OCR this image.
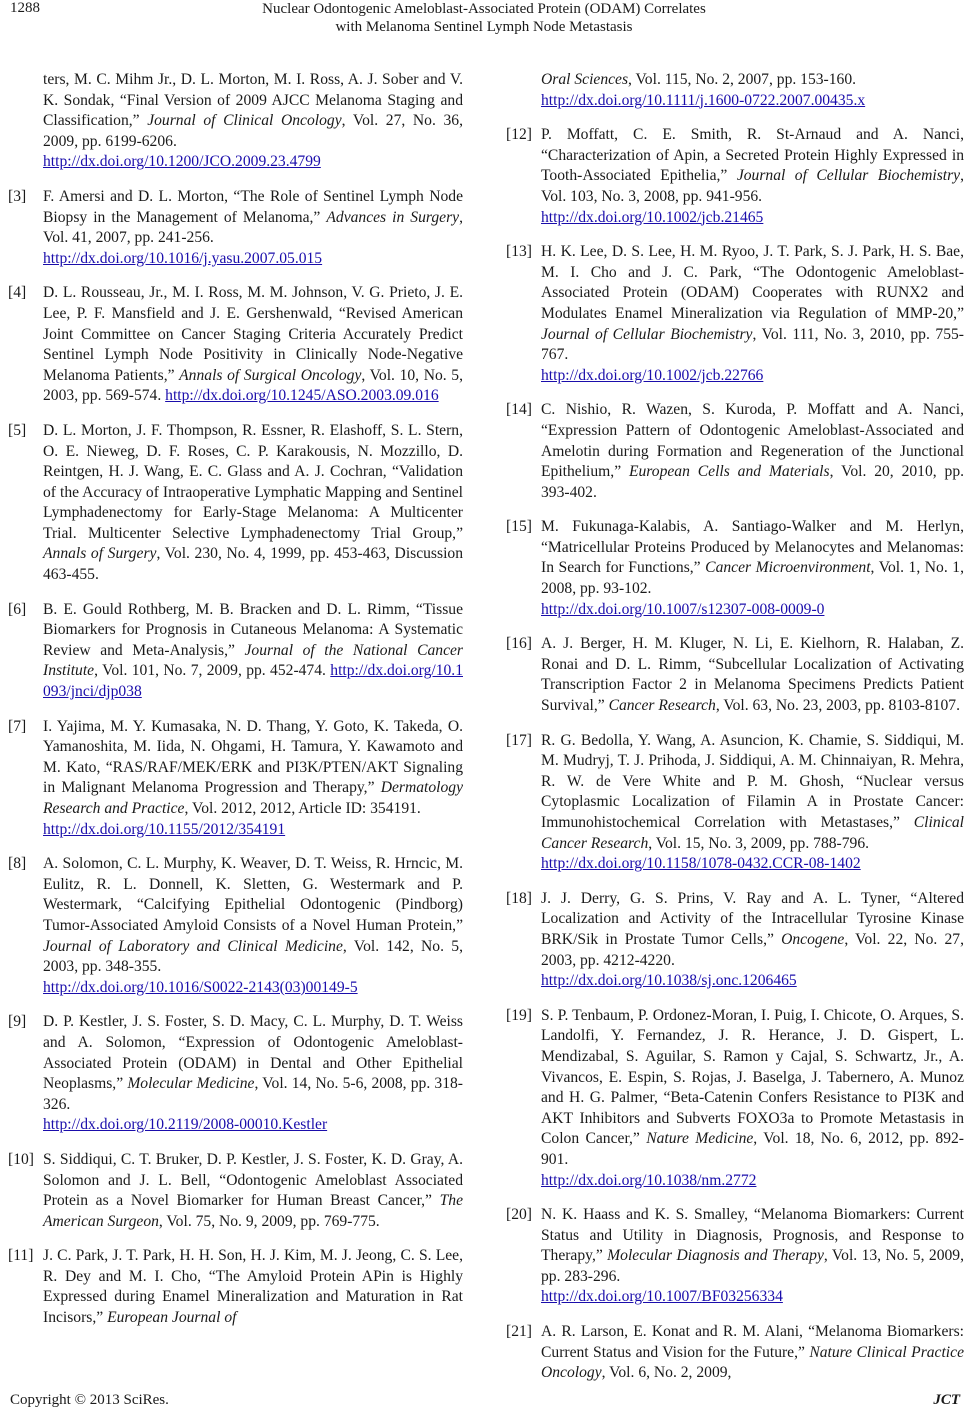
1288	Nuclear Odontogenic Ameloblast-Associated Protein (ODAM) Correlates
with Melanoma Sentinel Lymph Node Metastasis
ters, M. C. Mihm Jr., D. L. Morton, M. I. Ross, A. J. Sober and V. K. Sondak, “Final Version of 2009 AJCC Melanoma Staging and Classification,” Journal of Clinical Oncology, Vol. 27, No. 36, 2009, pp. 6199-6206.
http://dx.doi.org/10.1200/JCO.2009.23.4799
[3] F. Amersi and D. L. Morton, “The Role of Sentinel Lymph Node Biopsy in the Management of Melanoma,” Advances in Surgery, Vol. 41, 2007, pp. 241-256.
http://dx.doi.org/10.1016/j.yasu.2007.05.015
[4] D. L. Rousseau, Jr., M. I. Ross, M. M. Johnson, V. G. Prieto, J. E. Lee, P. F. Mansfield and J. E. Gershenwald, “Revised American Joint Committee on Cancer Staging Criteria Accurately Predict Sentinel Lymph Node Positivity in Clinically Node-Negative Melanoma Patients,” Annals of Surgical Oncology, Vol. 10, No. 5, 2003, pp. 569-574. http://dx.doi.org/10.1245/ASO.2003.09.016
[5] D. L. Morton, J. F. Thompson, R. Essner, R. Elashoff, S. L. Stern, O. E. Nieweg, D. F. Roses, C. P. Karakousis, N. Mozzillo, D. Reintgen, H. J. Wang, E. C. Glass and A. J. Cochran, “Validation of the Accuracy of Intraoperative Lymphatic Mapping and Sentinel Lymphadenectomy for Early-Stage Melanoma: A Multicenter Trial. Multicenter Selective Lymphadenectomy Trial Group,” Annals of Surgery, Vol. 230, No. 4, 1999, pp. 453-463, Discussion 463-455.
[6] B. E. Gould Rothberg, M. B. Bracken and D. L. Rimm, “Tissue Biomarkers for Prognosis in Cutaneous Melanoma: A Systematic Review and Meta-Analysis,” Journal of the National Cancer Institute, Vol. 101, No. 7, 2009, pp. 452-474. http://dx.doi.org/10.1093/jnci/djp038
[7] I. Yajima, M. Y. Kumasaka, N. D. Thang, Y. Goto, K. Takeda, O. Yamanoshita, M. Iida, N. Ohgami, H. Tamura, Y. Kawamoto and M. Kato, “RAS/RAF/MEK/ERK and PI3K/PTEN/AKT Signaling in Malignant Melanoma Progression and Therapy,” Dermatology Research and Practice, Vol. 2012, 2012, Article ID: 354191.
http://dx.doi.org/10.1155/2012/354191
[8] A. Solomon, C. L. Murphy, K. Weaver, D. T. Weiss, R. Hrncic, M. Eulitz, R. L. Donnell, K. Sletten, G. Westermark and P. Westermark, “Calcifying Epithelial Odontogenic (Pindborg) Tumor-Associated Amyloid Consists of a Novel Human Protein,” Journal of Laboratory and Clinical Medicine, Vol. 142, No. 5, 2003, pp. 348-355.
http://dx.doi.org/10.1016/S0022-2143(03)00149-5
[9] D. P. Kestler, J. S. Foster, S. D. Macy, C. L. Murphy, D. T. Weiss and A. Solomon, “Expression of Odontogenic Ameloblast-Associated Protein (ODAM) in Dental and Other Epithelial Neoplasms,” Molecular Medicine, Vol. 14, No. 5-6, 2008, pp. 318-326.
http://dx.doi.org/10.2119/2008-00010.Kestler
[10] S. Siddiqui, C. T. Bruker, D. P. Kestler, J. S. Foster, K. D. Gray, A. Solomon and J. L. Bell, “Odontogenic Ameloblast Associated Protein as a Novel Biomarker for Human Breast Cancer,” The American Surgeon, Vol. 75, No. 9, 2009, pp. 769-775.
[11] J. C. Park, J. T. Park, H. H. Son, H. J. Kim, M. J. Jeong, C. S. Lee, R. Dey and M. I. Cho, “The Amyloid Protein APin is Highly Expressed during Enamel Mineralization and Maturation in Rat Incisors,” European Journal of
Oral Sciences, Vol. 115, No. 2, 2007, pp. 153-160.
http://dx.doi.org/10.1111/j.1600-0722.2007.00435.x
[12] P. Moffatt, C. E. Smith, R. St-Arnaud and A. Nanci, “Characterization of Apin, a Secreted Protein Highly Expressed in Tooth-Associated Epithelia,” Journal of Cellular Biochemistry, Vol. 103, No. 3, 2008, pp. 941-956.
http://dx.doi.org/10.1002/jcb.21465
[13] H. K. Lee, D. S. Lee, H. M. Ryoo, J. T. Park, S. J. Park, H. S. Bae, M. I. Cho and J. C. Park, “The Odontogenic Ameloblast-Associated Protein (ODAM) Cooperates with RUNX2 and Modulates Enamel Mineralization via Regulation of MMP-20,” Journal of Cellular Biochemistry, Vol. 111, No. 3, 2010, pp. 755-767.
http://dx.doi.org/10.1002/jcb.22766
[14] C. Nishio, R. Wazen, S. Kuroda, P. Moffatt and A. Nanci, “Expression Pattern of Odontogenic Ameloblast-Associated and Amelotin during Formation and Regeneration of the Junctional Epithelium,” European Cells and Materials, Vol. 20, 2010, pp. 393-402.
[15] M. Fukunaga-Kalabis, A. Santiago-Walker and M. Herlyn, “Matricellular Proteins Produced by Melanocytes and Melanomas: In Search for Functions,” Cancer Microenvironment, Vol. 1, No. 1, 2008, pp. 93-102.
http://dx.doi.org/10.1007/s12307-008-0009-0
[16] A. J. Berger, H. M. Kluger, N. Li, E. Kielhorn, R. Halaban, Z. Ronai and D. L. Rimm, “Subcellular Localization of Activating Transcription Factor 2 in Melanoma Specimens Predicts Patient Survival,” Cancer Research, Vol. 63, No. 23, 2003, pp. 8103-8107.
[17] R. G. Bedolla, Y. Wang, A. Asuncion, K. Chamie, S. Siddiqui, M. M. Mudryj, T. J. Prihoda, J. Siddiqui, A. M. Chinnaiyan, R. Mehra, R. W. de Vere White and P. M. Ghosh, “Nuclear versus Cytoplasmic Localization of Filamin A in Prostate Cancer: Immunohistochemical Correlation with Metastases,” Clinical Cancer Research, Vol. 15, No. 3, 2009, pp. 788-796.
http://dx.doi.org/10.1158/1078-0432.CCR-08-1402
[18] J. J. Derry, G. S. Prins, V. Ray and A. L. Tyner, “Altered Localization and Activity of the Intracellular Tyrosine Kinase BRK/Sik in Prostate Tumor Cells,” Oncogene, Vol. 22, No. 27, 2003, pp. 4212-4220.
http://dx.doi.org/10.1038/sj.onc.1206465
[19] S. P. Tenbaum, P. Ordonez-Moran, I. Puig, I. Chicote, O. Arques, S. Landolfi, Y. Fernandez, J. R. Herance, J. D. Gispert, L. Mendizabal, S. Aguilar, S. Ramon y Cajal, S. Schwartz, Jr., A. Vivancos, E. Espin, S. Rojas, J. Baselga, J. Tabernero, A. Munoz and H. G. Palmer, “Beta-Catenin Confers Resistance to PI3K and AKT Inhibitors and Subverts FOXO3a to Promote Metastasis in Colon Cancer,” Nature Medicine, Vol. 18, No. 6, 2012, pp. 892-901.
http://dx.doi.org/10.1038/nm.2772
[20] N. K. Haass and K. S. Smalley, “Melanoma Biomarkers: Current Status and Utility in Diagnosis, Prognosis, and Response to Therapy,” Molecular Diagnosis and Therapy, Vol. 13, No. 5, 2009, pp. 283-296.
http://dx.doi.org/10.1007/BF03256334
[21] A. R. Larson, E. Konat and R. M. Alani, “Melanoma Biomarkers: Current Status and Vision for the Future,” Nature Clinical Practice Oncology, Vol. 6, No. 2, 2009,
Copyright © 2013 SciRes.	JCT
